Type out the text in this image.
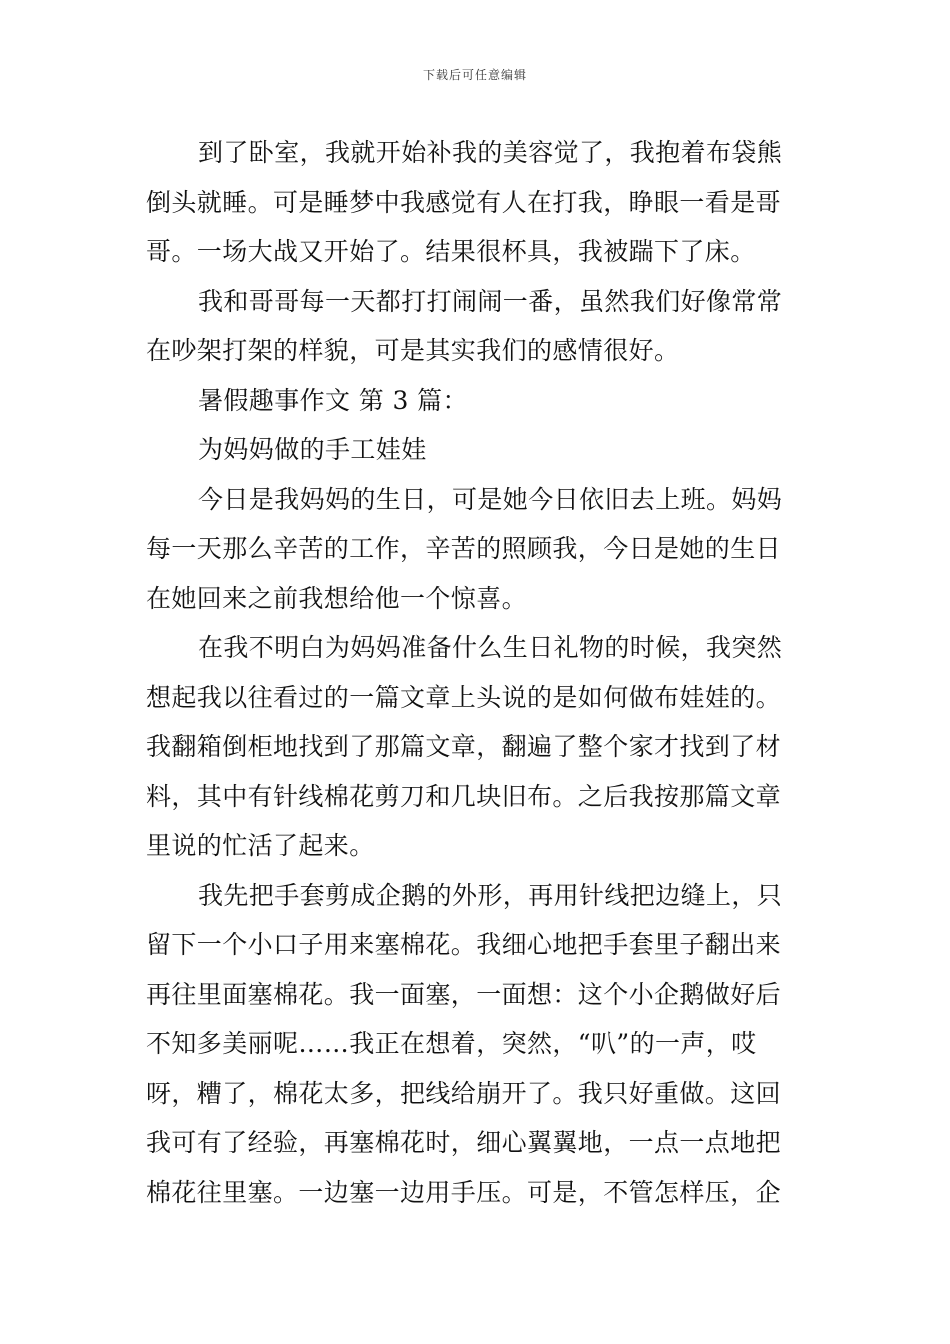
下载后可任意编辑
到了卧室，我就开始补我的美容觉了，我抱着布袋熊
倒头就睡。可是睡梦中我感觉有人在打我，睁眼一看是哥
哥。一场大战又开始了。结果很杯具，我被踹下了床。
我和哥哥每一天都打打闹闹一番，虽然我们好像常常
在吵架打架的样貌，可是其实我们的感情很好。
暑假趣事作文 第 3 篇：
为妈妈做的手工娃娃
今日是我妈妈的生日，可是她今日依旧去上班。妈妈
每一天那么辛苦的工作，辛苦的照顾我，今日是她的生日
在她回来之前我想给他一个惊喜。
在我不明白为妈妈准备什么生日礼物的时候，我突然
想起我以往看过的一篇文章上头说的是如何做布娃娃的。
我翻箱倒柜地找到了那篇文章，翻遍了整个家才找到了材
料，其中有针线棉花剪刀和几块旧布。之后我按那篇文章
里说的忙活了起来。
我先把手套剪成企鹅的外形，再用针线把边缝上，只
留下一个小口子用来塞棉花。我细心地把手套里子翻出来
再往里面塞棉花。我一面塞，一面想：这个小企鹅做好后
不知多美丽呢……我正在想着，突然，“叭”的一声，哎
呀，糟了，棉花太多，把线给崩开了。我只好重做。这回
我可有了经验，再塞棉花时，细心翼翼地，一点一点地把
棉花往里塞。一边塞一边用手压。可是，不管怎样压，企
